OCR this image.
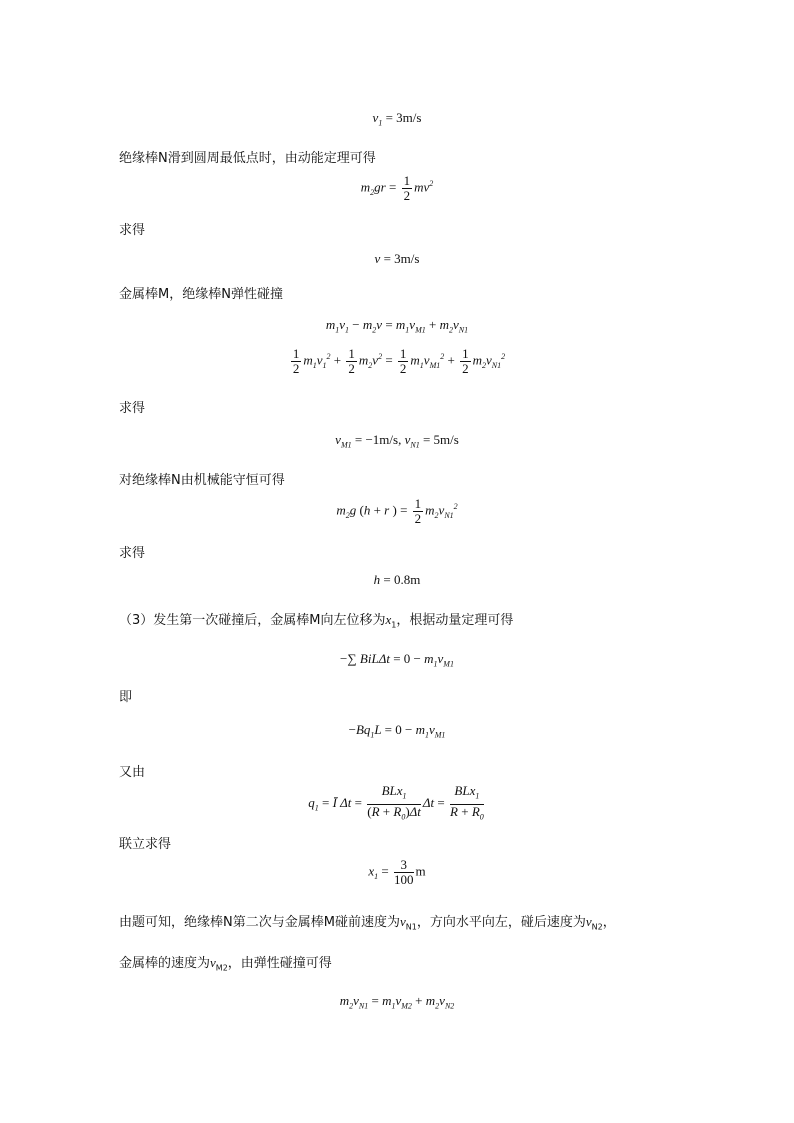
$v_1 = 3m/s$
绝缘棒N滑到圆周最低点时，由动能定理可得
$m_2gr = \frac{1}{2} mv^2$
求得
v = 3m/s
金属棒M，绝缘棒N弹性碰撞
$m_1v_1 - m_2v = m_1v_{M1} + m_2v_{N1}$
$\frac{1}{2} m_1v_1^2 + \frac{1}{2} m_2v^2 = \frac{1}{2} m_1v_{M1}^2 + \frac{1}{2} m_2v_{N1}^2$
求得
$v_{M1} = -1m/s$, $v_{N1} = 5m/s$
对绝缘棒N由机械能守恒可得
$m_2g$ (h + r ) = $\frac{1}{2} m_2v_{N1}^2$
求得
h = 0.8m
（3）发生第一次碰撞后，金属棒M向左位移为$x_1$，根据动量定理可得
−∑ $BiL\Delta t = 0 - m_1v_{M1}$
即
$-Bq_1L = 0 - m_1v_{M1}$
又由
$q_1$ = Ī $\Delta t = \frac{BLx_1}{(R + R_0)\Delta t}$ $\Delta t = \frac{BLx_1}{R + R_0}$
联立求得
$x_1 = \frac{3}{100}$ m
由题可知，绝缘棒N第二次与金属棒M碰前速度为$v_{N1}$，方向水平向左，碰后速度为$v_{N2}$，
金属棒的速度为$v_{M2}$，由弹性碰撞可得
$m_2v_{N1} = m_1v_{M2} + m_2v_{N2}$
